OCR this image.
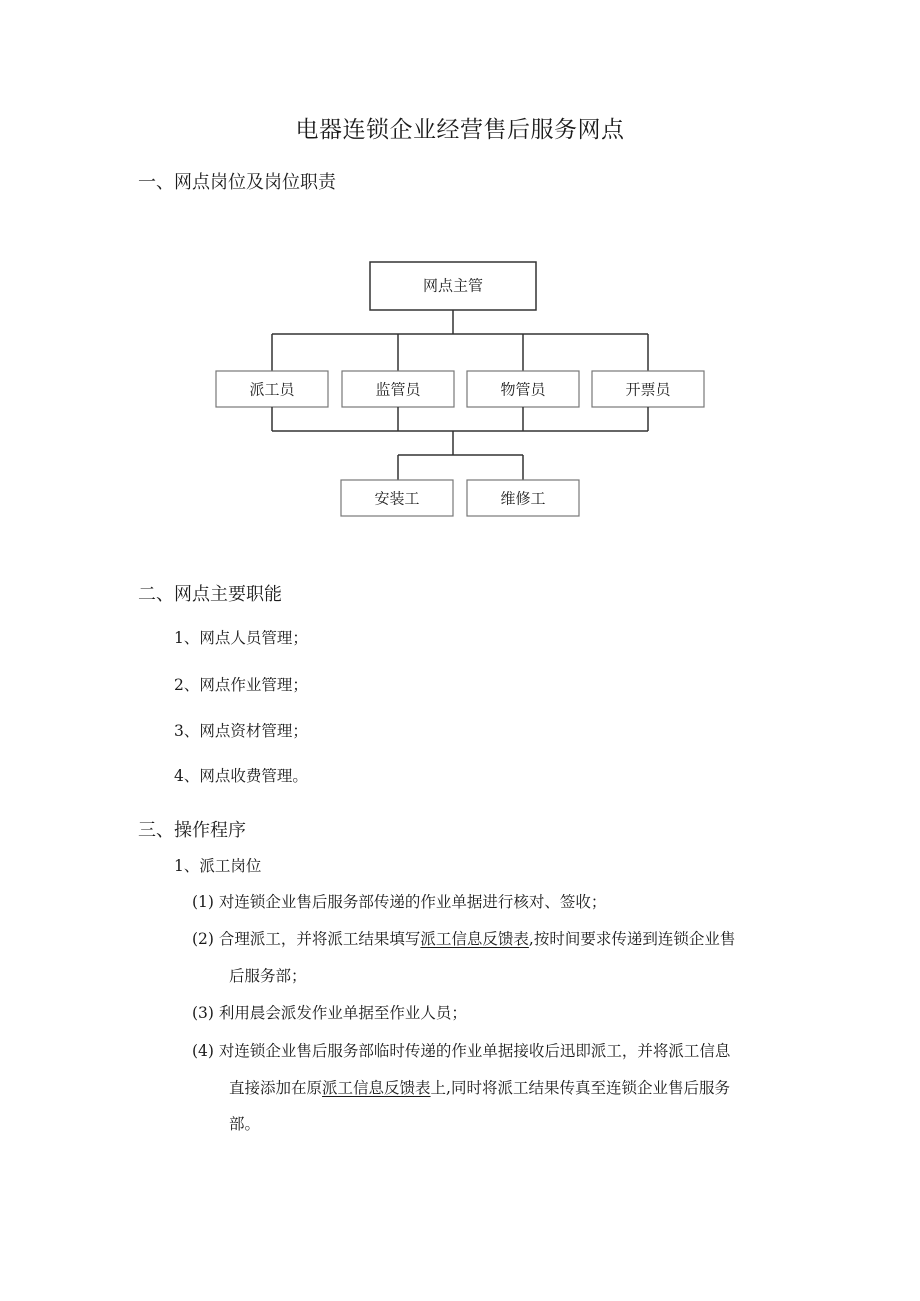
电器连锁企业经营售后服务网点
一、网点岗位及岗位职责
网点主管
派工员	监管员	物管员	开票员
安装工	维修工
二、网点主要职能
1、网点人员管理；
2、网点作业管理；
3、网点资材管理；
4、网点收费管理。
三、操作程序
1、派工岗位
(1) 对连锁企业售后服务部传递的作业单据进行核对、签收；
(2) 合理派工，并将派工结果填写派工信息反馈表,按时间要求传递到连锁企业售
后服务部；
(3) 利用晨会派发作业单据至作业人员；
(4) 对连锁企业售后服务部临时传递的作业单据接收后迅即派工，并将派工信息
直接添加在原派工信息反馈表上,同时将派工结果传真至连锁企业售后服务
部。
